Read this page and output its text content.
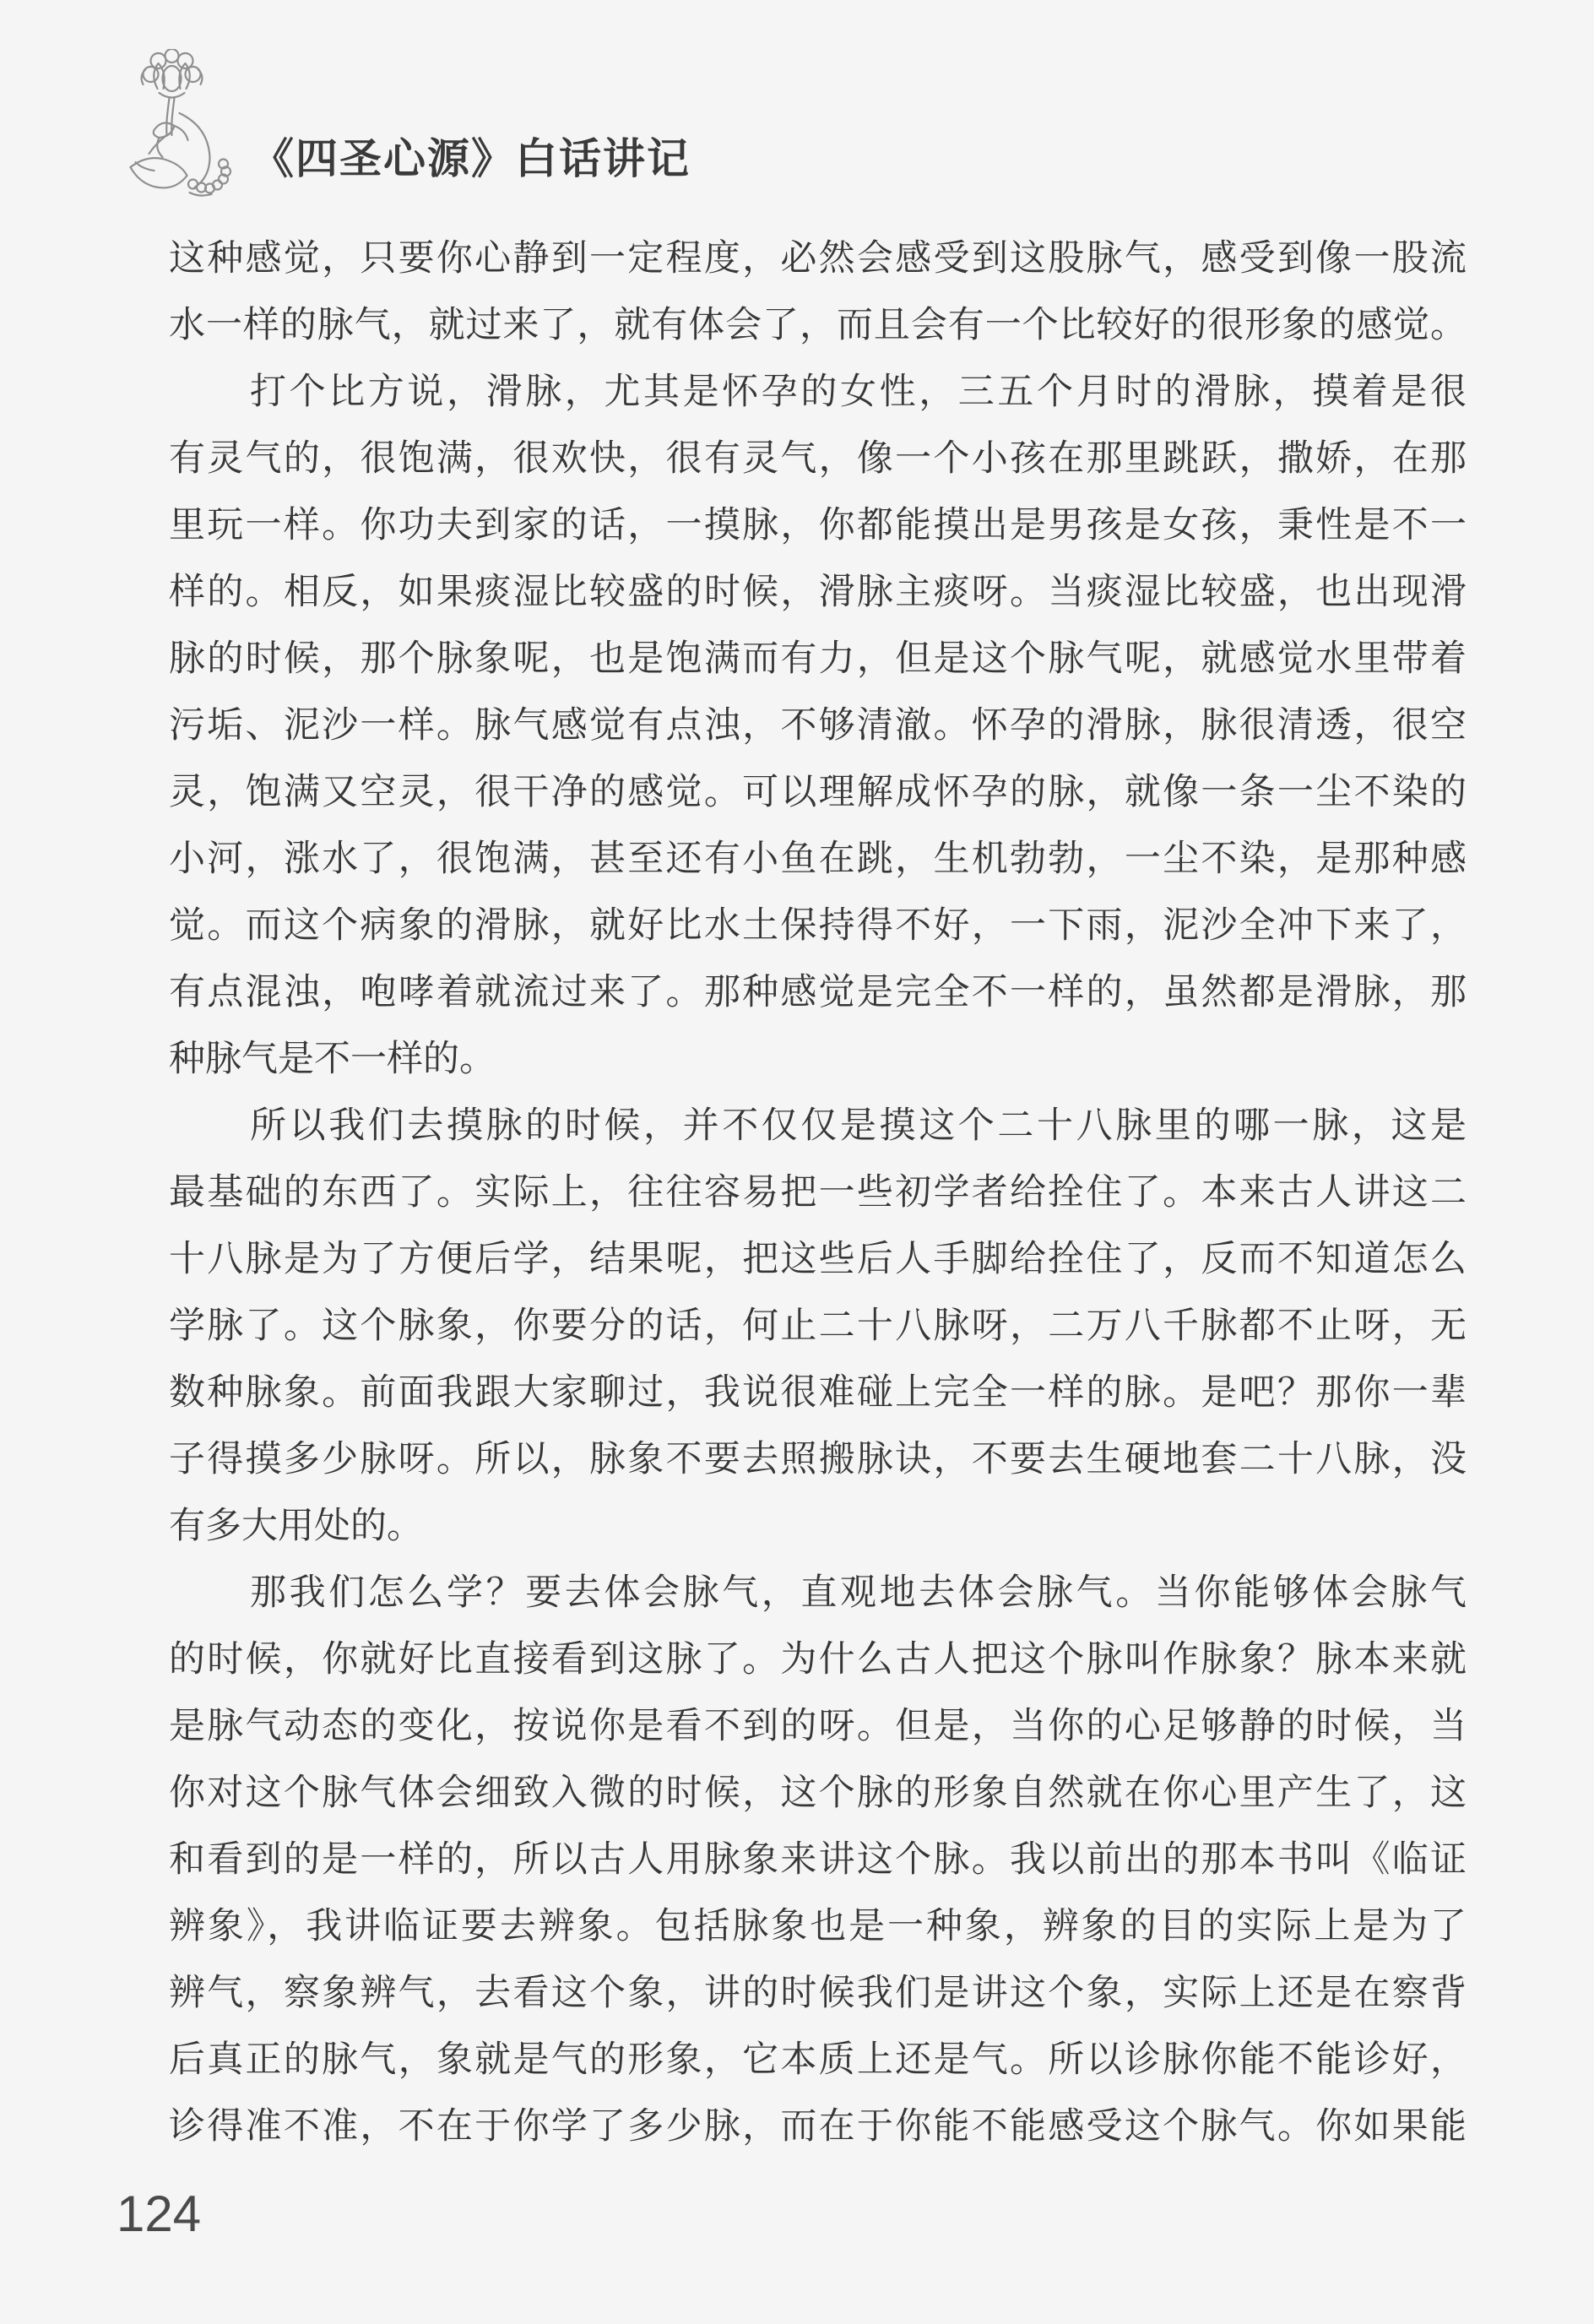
《四圣心源》白话讲记
这种感觉，只要你心静到一定程度，必然会感受到这股脉气，感受到像一股流
水一样的脉气，就过来了，就有体会了，而且会有一个比较好的很形象的感觉。
打个比方说，滑脉，尤其是怀孕的女性，三五个月时的滑脉，摸着是很
有灵气的，很饱满，很欢快，很有灵气，像一个小孩在那里跳跃，撒娇，在那
里玩一样。你功夫到家的话，一摸脉，你都能摸出是男孩是女孩，秉性是不一
样的。相反，如果痰湿比较盛的时候，滑脉主痰呀。当痰湿比较盛，也出现滑
脉的时候，那个脉象呢，也是饱满而有力，但是这个脉气呢，就感觉水里带着
污垢、泥沙一样。脉气感觉有点浊，不够清澈。怀孕的滑脉，脉很清透，很空
灵，饱满又空灵，很干净的感觉。可以理解成怀孕的脉，就像一条一尘不染的
小河，涨水了，很饱满，甚至还有小鱼在跳，生机勃勃，一尘不染，是那种感
觉。而这个病象的滑脉，就好比水土保持得不好，一下雨，泥沙全冲下来了，
有点混浊，咆哮着就流过来了。那种感觉是完全不一样的，虽然都是滑脉，那
种脉气是不一样的。
所以我们去摸脉的时候，并不仅仅是摸这个二十八脉里的哪一脉，这是
最基础的东西了。实际上，往往容易把一些初学者给拴住了。本来古人讲这二
十八脉是为了方便后学，结果呢，把这些后人手脚给拴住了，反而不知道怎么
学脉了。这个脉象，你要分的话，何止二十八脉呀，二万八千脉都不止呀，无
数种脉象。前面我跟大家聊过，我说很难碰上完全一样的脉。是吧？那你一辈
子得摸多少脉呀。所以，脉象不要去照搬脉诀，不要去生硬地套二十八脉，没
有多大用处的。
那我们怎么学？要去体会脉气，直观地去体会脉气。当你能够体会脉气
的时候，你就好比直接看到这脉了。为什么古人把这个脉叫作脉象？脉本来就
是脉气动态的变化，按说你是看不到的呀。但是，当你的心足够静的时候，当
你对这个脉气体会细致入微的时候，这个脉的形象自然就在你心里产生了，这
和看到的是一样的，所以古人用脉象来讲这个脉。我以前出的那本书叫《临证
辨象》，我讲临证要去辨象。包括脉象也是一种象，辨象的目的实际上是为了
辨气，察象辨气，去看这个象，讲的时候我们是讲这个象，实际上还是在察背
后真正的脉气，象就是气的形象，它本质上还是气。所以诊脉你能不能诊好，
诊得准不准，不在于你学了多少脉，而在于你能不能感受这个脉气。你如果能
124
